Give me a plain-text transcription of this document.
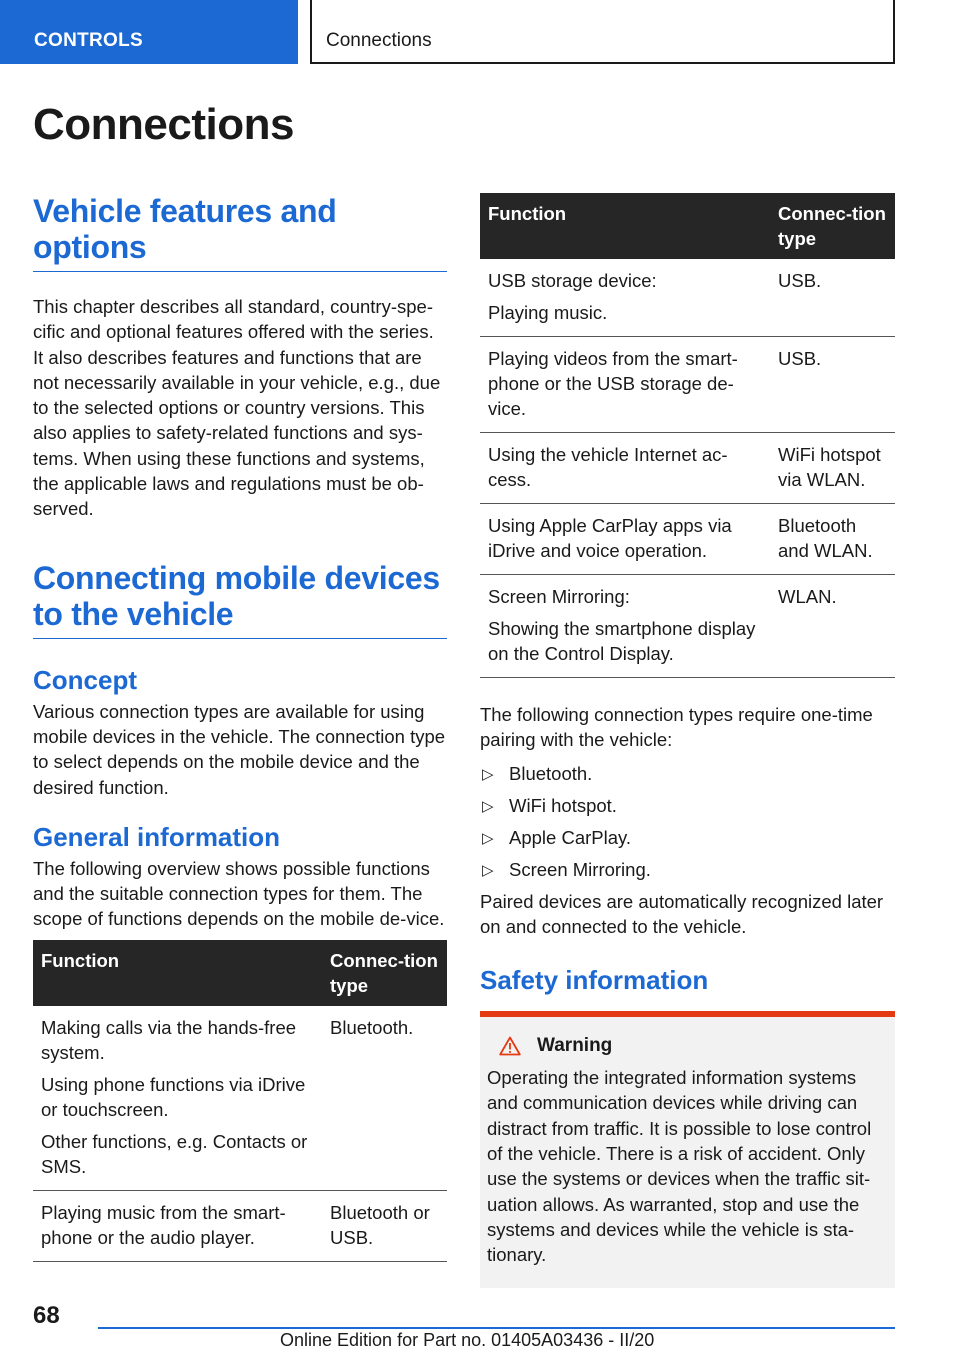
CONTROLS	Connections
Connections
Vehicle features and options

This chapter describes all standard, country-spe-cific and optional features offered with the series. It also describes features and functions that are not necessarily available in your vehicle, e.g., due to the selected options or country versions. This also applies to safety-related functions and sys-tems. When using these functions and systems, the applicable laws and regulations must be ob-served.

Connecting mobile devices to the vehicle
Concept

Various connection types are available for using mobile devices in the vehicle. The connection type to select depends on the mobile device and the desired function.

General information

The following overview shows possible functions and the suitable connection types for them. The scope of functions depends on the mobile de-vice.

Function	Connec-tion type

Making calls via the hands-free system.
Using phone functions via iDrive or touchscreen.
Other functions, e.g. Contacts or SMS.	Bluetooth.
Playing music from the smart-phone or the audio player.	Bluetooth or USB.
Function	Connec-tion type

USB storage device:
Playing music.	USB.
Playing videos from the smart-phone or the USB storage de-vice.	USB.
Using the vehicle Internet ac-cess.	WiFi hotspot via WLAN.
Using Apple CarPlay apps via iDrive and voice operation.	Bluetooth and WLAN.

Screen Mirroring:
Showing the smartphone display on the Control Display.	WLAN.

The following connection types require one-time pairing with the vehicle:

▷ Bluetooth.
▷ WiFi hotspot.
▷ Apple CarPlay.
▷ Screen Mirroring.

Paired devices are automatically recognized later on and connected to the vehicle.

Safety information
Warning

Operating the integrated information systems and communication devices while driving can distract from traffic. It is possible to lose control of the vehicle. There is a risk of accident. Only use the systems or devices when the traffic sit-uation allows. As warranted, stop and use the systems and devices while the vehicle is sta-tionary.

68
Online Edition for Part no. 01405A03436 - II/20
